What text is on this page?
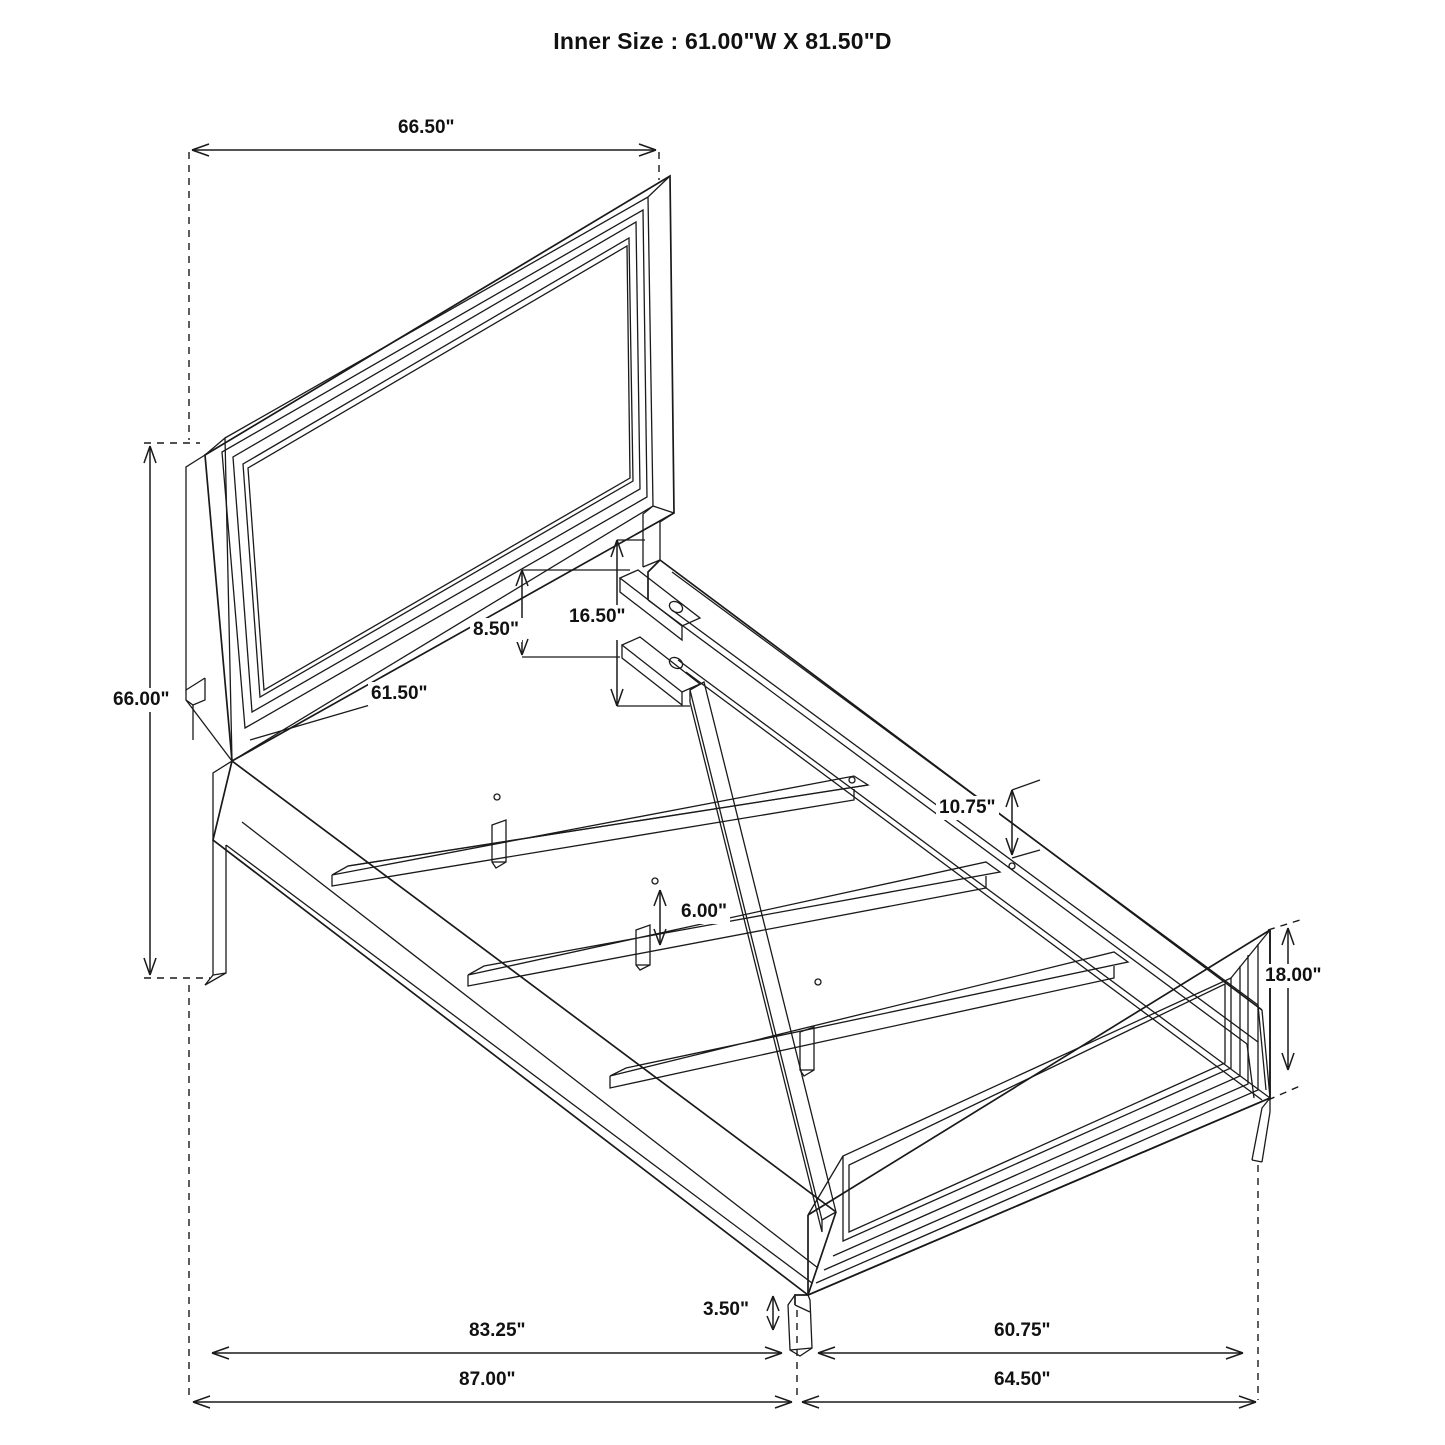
Inner Size : 61.00"W X 81.50"D
66.50"
66.00"
8.50"
16.50"
61.50"
10.75"
6.00"
18.00"
3.50"
83.25"
87.00"
60.75"
64.50"
